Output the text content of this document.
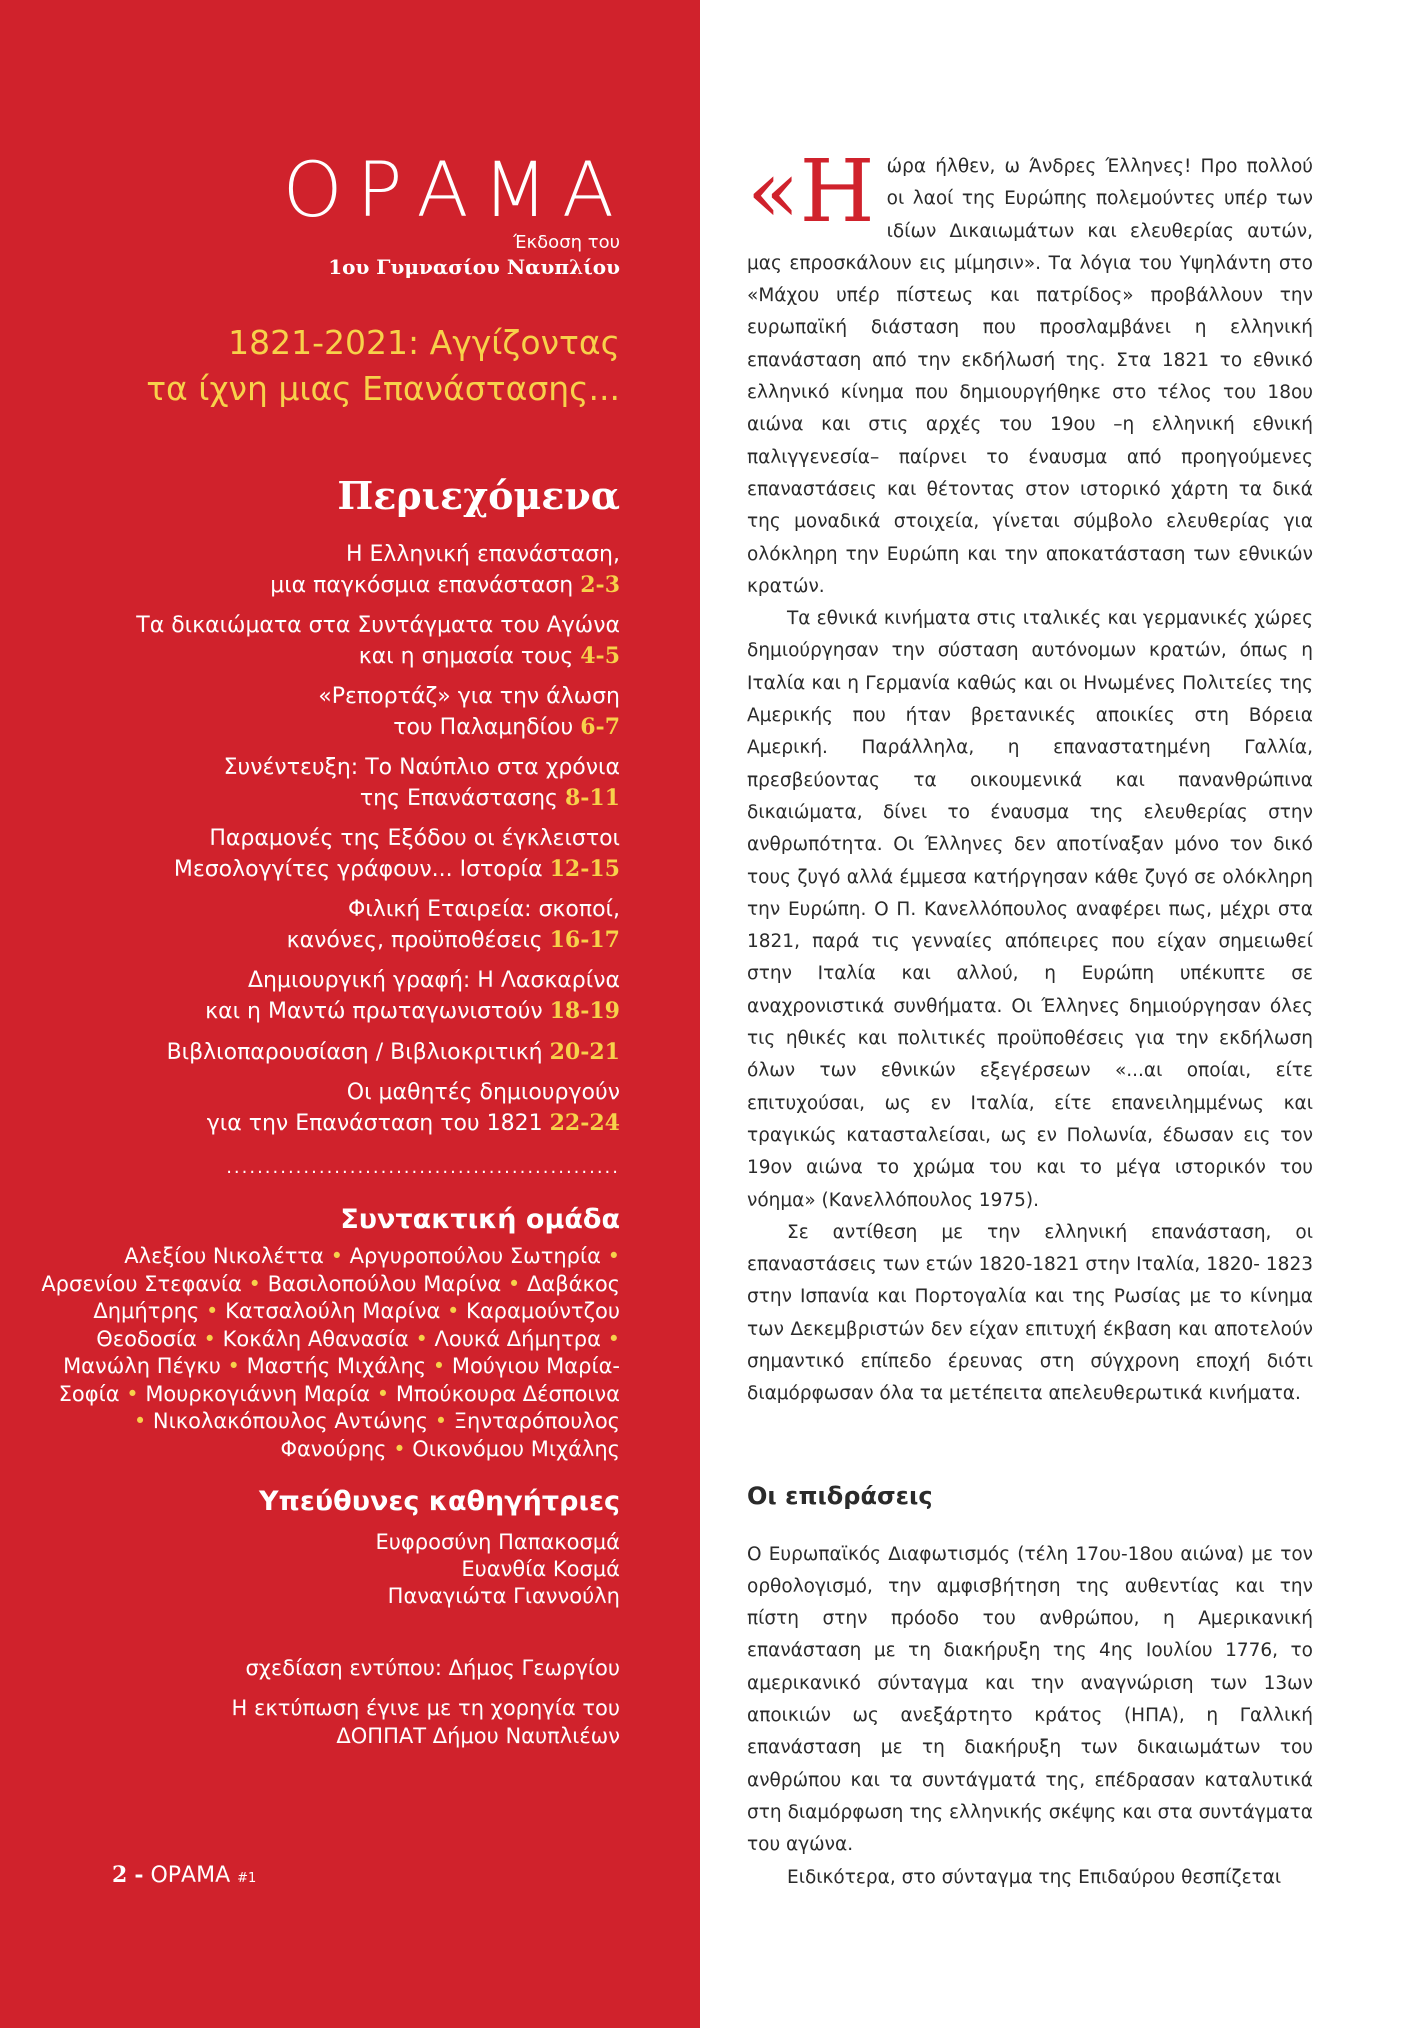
ΟΡΑΜΑ
Έκδοση του
1ου Γυμνασίου Ναυπλίου
1821-2021: Αγγίζοντας
τα ίχνη μιας Επανάστασης...
Περιεχόμενα
Η Ελληνική επανάσταση,
μια παγκόσμια επανάσταση 2-3
Τα δικαιώματα στα Συντάγματα του Αγώνα
και η σημασία τους 4-5
«Ρεπορτάζ» για την άλωση
του Παλαμηδίου 6-7
Συνέντευξη: Το Ναύπλιο στα χρόνια
της Επανάστασης 8-11
Παραμονές της Εξόδου οι έγκλειστοι
Μεσολογγίτες γράφουν... Ιστορία 12-15
Φιλική Εταιρεία: σκοποί,
κανόνες, προϋποθέσεις 16-17
Δημιουργική γραφή: Η Λασκαρίνα
και η Μαντώ πρωταγωνιστούν 18-19
Βιβλιοπαρουσίαση / Βιβλιοκριτική 20-21
Οι μαθητές δημιουργούν
για την Επανάσταση του 1821 22-24
...................................................
Συντακτική ομάδα
Αλεξίου Νικολέττα • Αργυροπούλου Σωτηρία • Αρσενίου Στεφανία • Βασιλοπούλου Μαρίνα • Δαβάκος Δημήτρης • Κατσαλούλη Μαρίνα • Καραμούντζου Θεοδοσία • Κοκάλη Αθανασία • Λουκά Δήμητρα • Μανώλη Πέγκυ • Μαστής Μιχάλης • Μούγιου Μαρία-Σοφία • Μουρκογιάννη Μαρία • Μπούκουρα Δέσποινα • Νικολακόπουλος Αντώνης • Ξηνταρόπουλος Φανούρης • Οικονόμου Μιχάλης
Υπεύθυνες καθηγήτριες
Ευφροσύνη Παπακοσμά
Ευανθία Κοσμά
Παναγιώτα Γιαννούλη
σχεδίαση εντύπου: Δήμος Γεωργίου
Η εκτύπωση έγινε με τη χορηγία του
ΔΟΠΠΑΤ Δήμου Ναυπλιέων
2 - ΟΡΑΜΑ #1

«Ηώρα ήλθεν, ω Άνδρες Έλληνες! Προ πολλού οι λαοί της Ευρώπης πολεμούντες υπέρ των ιδίων Δικαιωμάτων και ελευθερίας αυτών, μας επροσκάλουν εις μίμησιν». Τα λόγια του Υψηλάντη στο «Μάχου υπέρ πίστεως και πατρίδος» προβάλλουν την ευρωπαϊκή διάσταση που προσλαμβάνει η ελληνική επανάσταση από την εκδήλωσή της. Στα 1821 το εθνικό ελληνικό κίνημα που δημιουργήθηκε στο τέλος του 18ου αιώνα και στις αρχές του 19ου –η ελληνική εθνική παλιγγενεσία– παίρνει το έναυσμα από προηγούμενες επαναστάσεις και θέτοντας στον ιστορικό χάρτη τα δικά της μοναδικά στοιχεία, γίνεται σύμβολο ελευθερίας για ολόκληρη την Ευρώπη και την αποκατάσταση των εθνικών κρατών.

Τα εθνικά κινήματα στις ιταλικές και γερμανικές χώρες δημιούργησαν την σύσταση αυτόνομων κρατών, όπως η Ιταλία και η Γερμανία καθώς και οι Ηνωμένες Πολιτείες της Αμερικής που ήταν βρετανικές αποικίες στη Βόρεια Αμερική. Παράλληλα, η επαναστατημένη Γαλλία, πρεσβεύοντας τα οικουμενικά και πανανθρώπινα δικαιώματα, δίνει το έναυσμα της ελευθερίας στην ανθρωπότητα. Οι Έλληνες δεν αποτίναξαν μόνο τον δικό τους ζυγό αλλά έμμεσα κατήργησαν κάθε ζυγό σε ολόκληρη την Ευρώπη. Ο Π. Κανελλόπουλος αναφέρει πως, μέχρι στα 1821, παρά τις γενναίες απόπειρες που είχαν σημειωθεί στην Ιταλία και αλλού, η Ευρώπη υπέκυπτε σε αναχρονιστικά συνθήματα. Οι Έλληνες δημιούργησαν όλες τις ηθικές και πολιτικές προϋποθέσεις για την εκδήλωση όλων των εθνικών εξεγέρσεων «...αι οποίαι, είτε επιτυχούσαι, ως εν Ιταλία, είτε επανειλημμένως και τραγικώς κατασταλείσαι, ως εν Πολωνία, έδωσαν εις τον 19ον αιώνα το χρώμα του και το μέγα ιστορικόν του νόημα» (Κανελλόπουλος 1975).

Σε αντίθεση με την ελληνική επανάσταση, οι επαναστάσεις των ετών 1820-1821 στην Ιταλία, 1820- 1823 στην Ισπανία και Πορτογαλία και της Ρωσίας με το κίνημα των Δεκεμβριστών δεν είχαν επιτυχή έκβαση και αποτελούν σημαντικό επίπεδο έρευνας στη σύγχρονη εποχή διότι διαμόρφωσαν όλα τα μετέπειτα απελευθερωτικά κινήματα.

Οι επιδράσεις

Ο Ευρωπαϊκός Διαφωτισμός (τέλη 17ου-18ου αιώνα) με τον ορθολογισμό, την αμφισβήτηση της αυθεντίας και την πίστη στην πρόοδο του ανθρώπου, η Αμερικανική επανάσταση με τη διακήρυξη της 4ης Ιουλίου 1776, το αμερικανικό σύνταγμα και την αναγνώριση των 13ων αποικιών ως ανεξάρτητο κράτος (ΗΠΑ), η Γαλλική επανάσταση με τη διακήρυξη των δικαιωμάτων του ανθρώπου και τα συντάγματά της, επέδρασαν καταλυτικά στη διαμόρφωση της ελληνικής σκέψης και στα συντάγματα του αγώνα.

Ειδικότερα, στο σύνταγμα της Επιδαύρου θεσπίζεται
